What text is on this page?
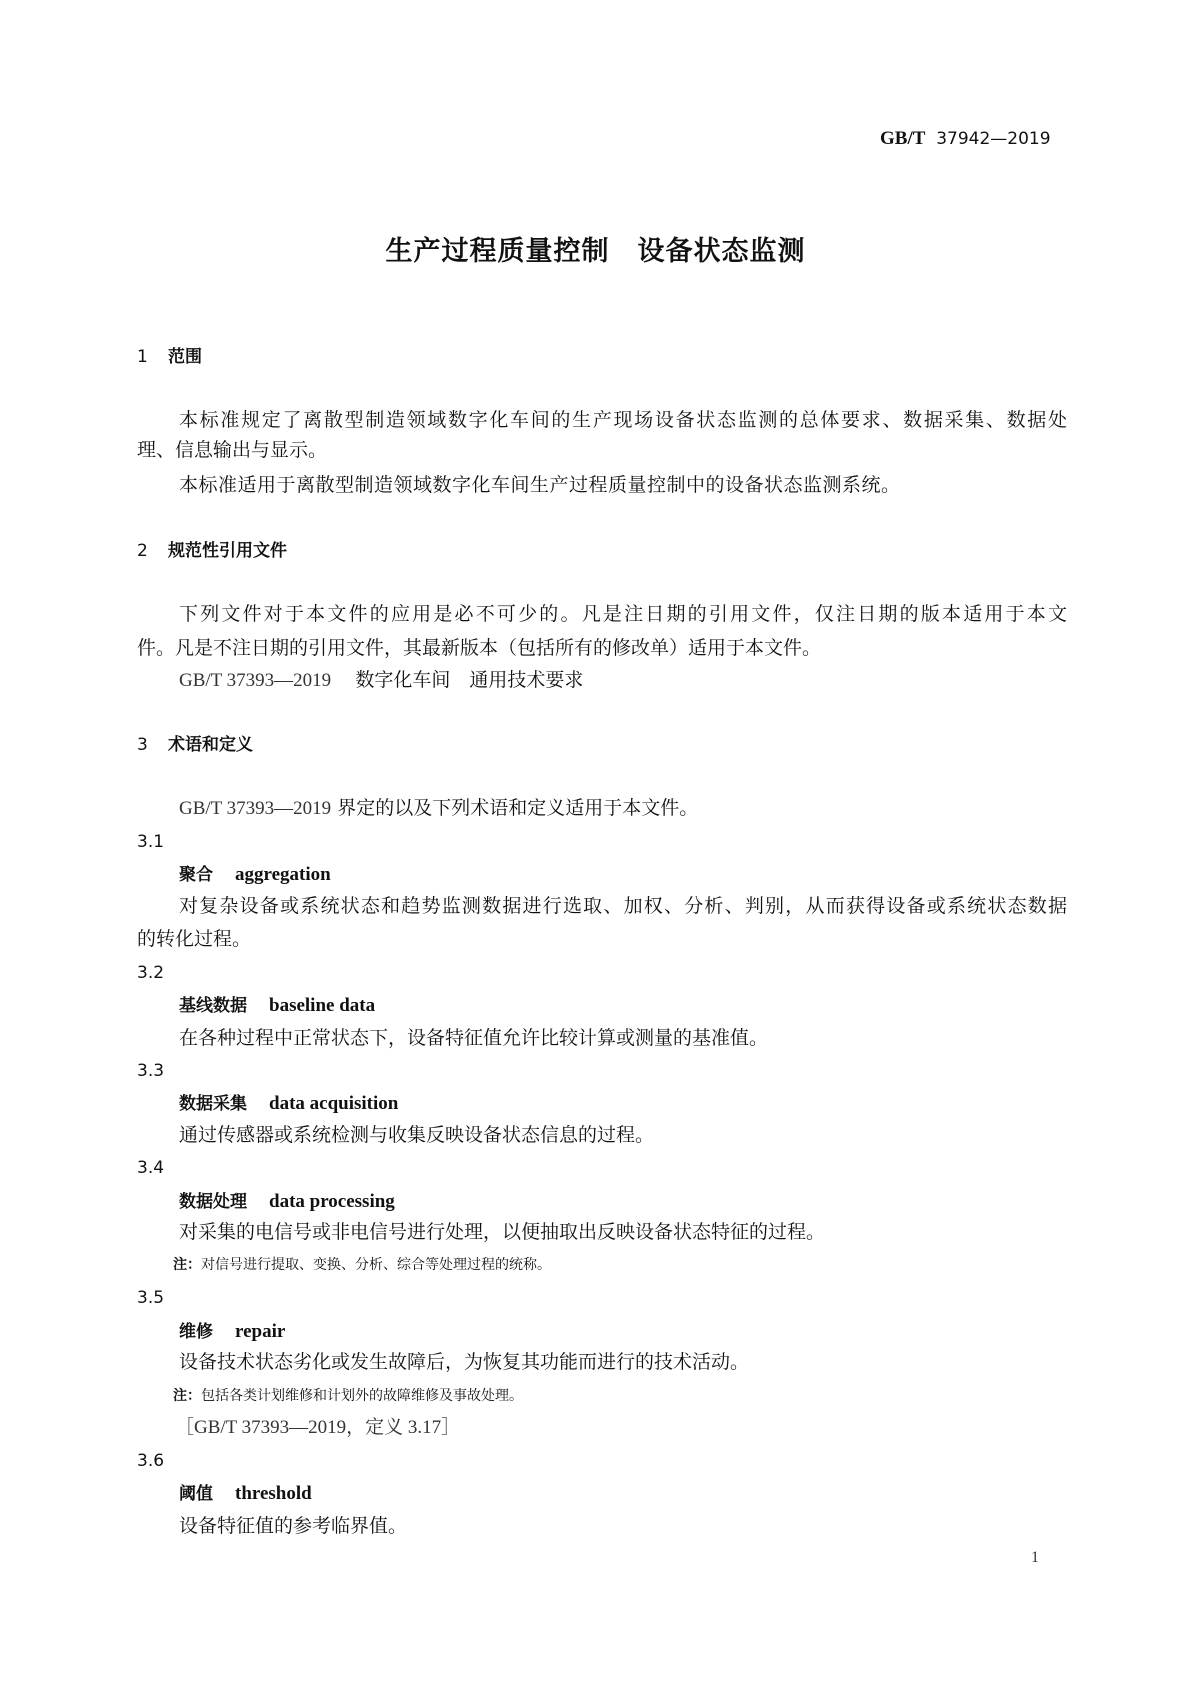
GB/T 37942—2019
生产过程质量控制　设备状态监测
1 范围
本标准规定了离散型制造领域数字化车间的生产现场设备状态监测的总体要求、数据采集、数据处
理、信息输出与显示。
本标准适用于离散型制造领域数字化车间生产过程质量控制中的设备状态监测系统。
2 规范性引用文件
下列文件对于本文件的应用是必不可少的。凡是注日期的引用文件，仅注日期的版本适用于本文
件。凡是不注日期的引用文件，其最新版本（包括所有的修改单）适用于本文件。
GB/T 37393—2019 数字化车间　通用技术要求
3 术语和定义
GB/T 37393—2019 界定的以及下列术语和定义适用于本文件。
3.1
聚合 aggregation
对复杂设备或系统状态和趋势监测数据进行选取、加权、分析、判别，从而获得设备或系统状态数据
的转化过程。
3.2
基线数据 baseline data
在各种过程中正常状态下，设备特征值允许比较计算或测量的基准值。
3.3
数据采集 data acquisition
通过传感器或系统检测与收集反映设备状态信息的过程。
3.4
数据处理 data processing
对采集的电信号或非电信号进行处理，以便抽取出反映设备状态特征的过程。
注：对信号进行提取、变换、分析、综合等处理过程的统称。
3.5
维修 repair
设备技术状态劣化或发生故障后，为恢复其功能而进行的技术活动。
注：包括各类计划维修和计划外的故障维修及事故处理。
［GB/T 37393—2019，定义 3.17］
3.6
阈值 threshold
设备特征值的参考临界值。
1
